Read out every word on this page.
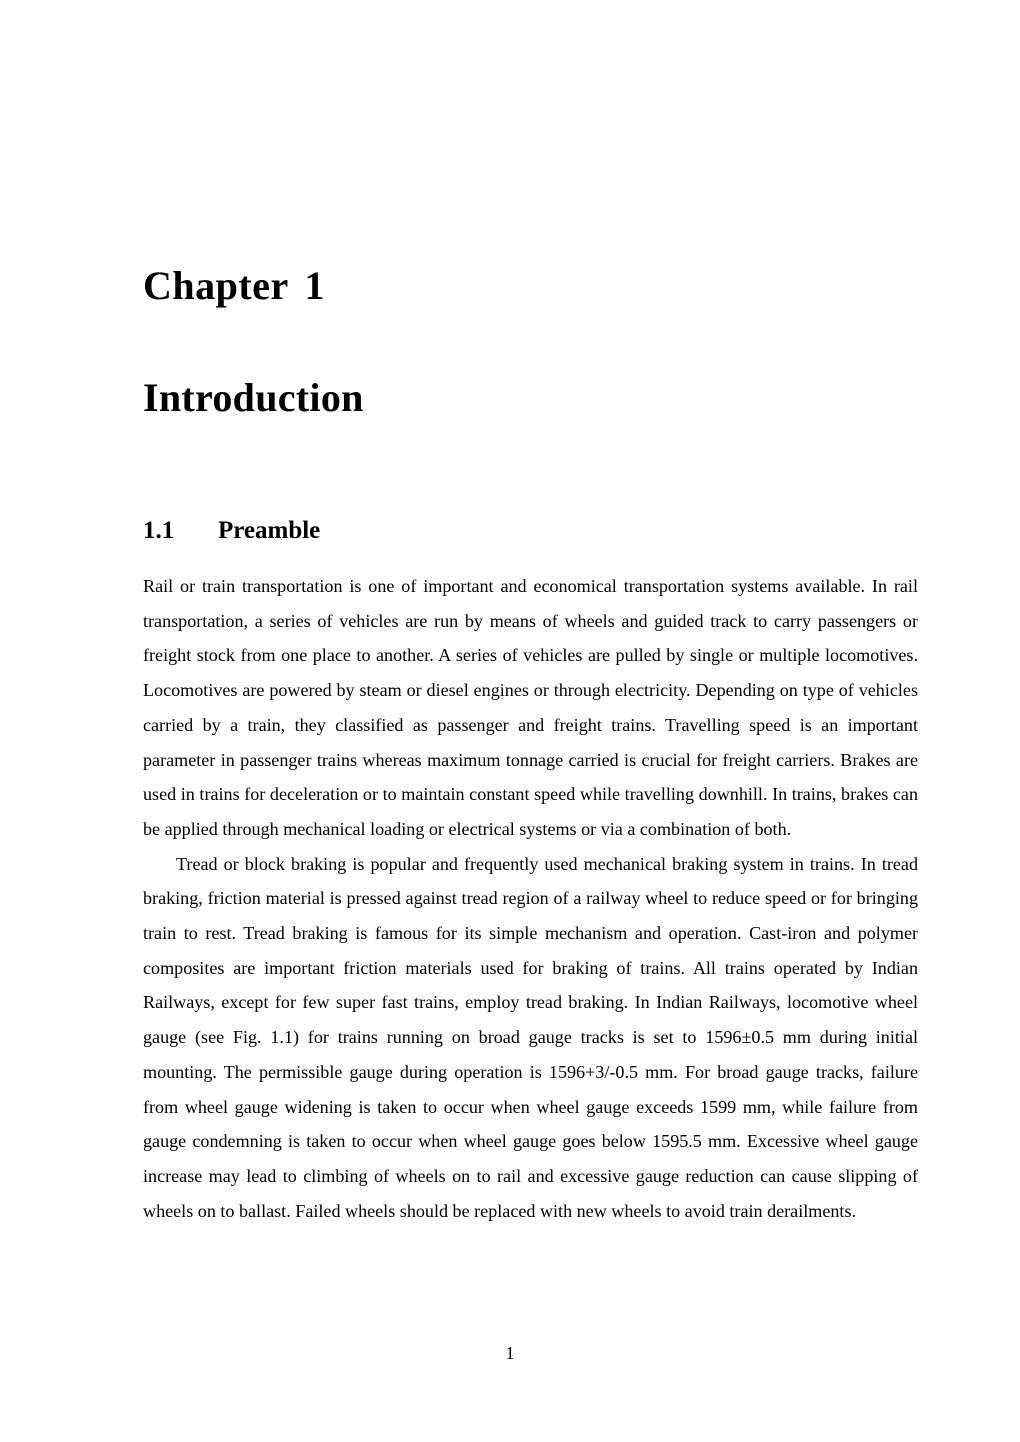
Chapter 1
Introduction
1.1	Preamble

Rail or train transportation is one of important and economical transportation systems available. In rail transportation, a series of vehicles are run by means of wheels and guided track to carry passengers or freight stock from one place to another. A series of vehicles are pulled by single or multiple locomotives. Locomotives are powered by steam or diesel engines or through electricity. Depending on type of vehicles carried by a train, they classified as passenger and freight trains. Travelling speed is an important parameter in passenger trains whereas maximum tonnage carried is crucial for freight carriers. Brakes are used in trains for deceleration or to maintain constant speed while travelling downhill. In trains, brakes can be applied through mechanical loading or electrical systems or via a combination of both.

Tread or block braking is popular and frequently used mechanical braking system in trains. In tread braking, friction material is pressed against tread region of a railway wheel to reduce speed or for bringing train to rest. Tread braking is famous for its simple mechanism and operation. Cast-iron and polymer composites are important friction materials used for braking of trains. All trains operated by Indian Railways, except for few super fast trains, employ tread braking. In Indian Railways, locomotive wheel gauge (see Fig. 1.1) for trains running on broad gauge tracks is set to 1596±0.5 mm during initial mounting. The permissible gauge during operation is 1596+3/-0.5 mm. For broad gauge tracks, failure from wheel gauge widening is taken to occur when wheel gauge exceeds 1599 mm, while failure from gauge condemning is taken to occur when wheel gauge goes below 1595.5 mm. Excessive wheel gauge increase may lead to climbing of wheels on to rail and excessive gauge reduction can cause slipping of wheels on to ballast. Failed wheels should be replaced with new wheels to avoid train derailments.

1
